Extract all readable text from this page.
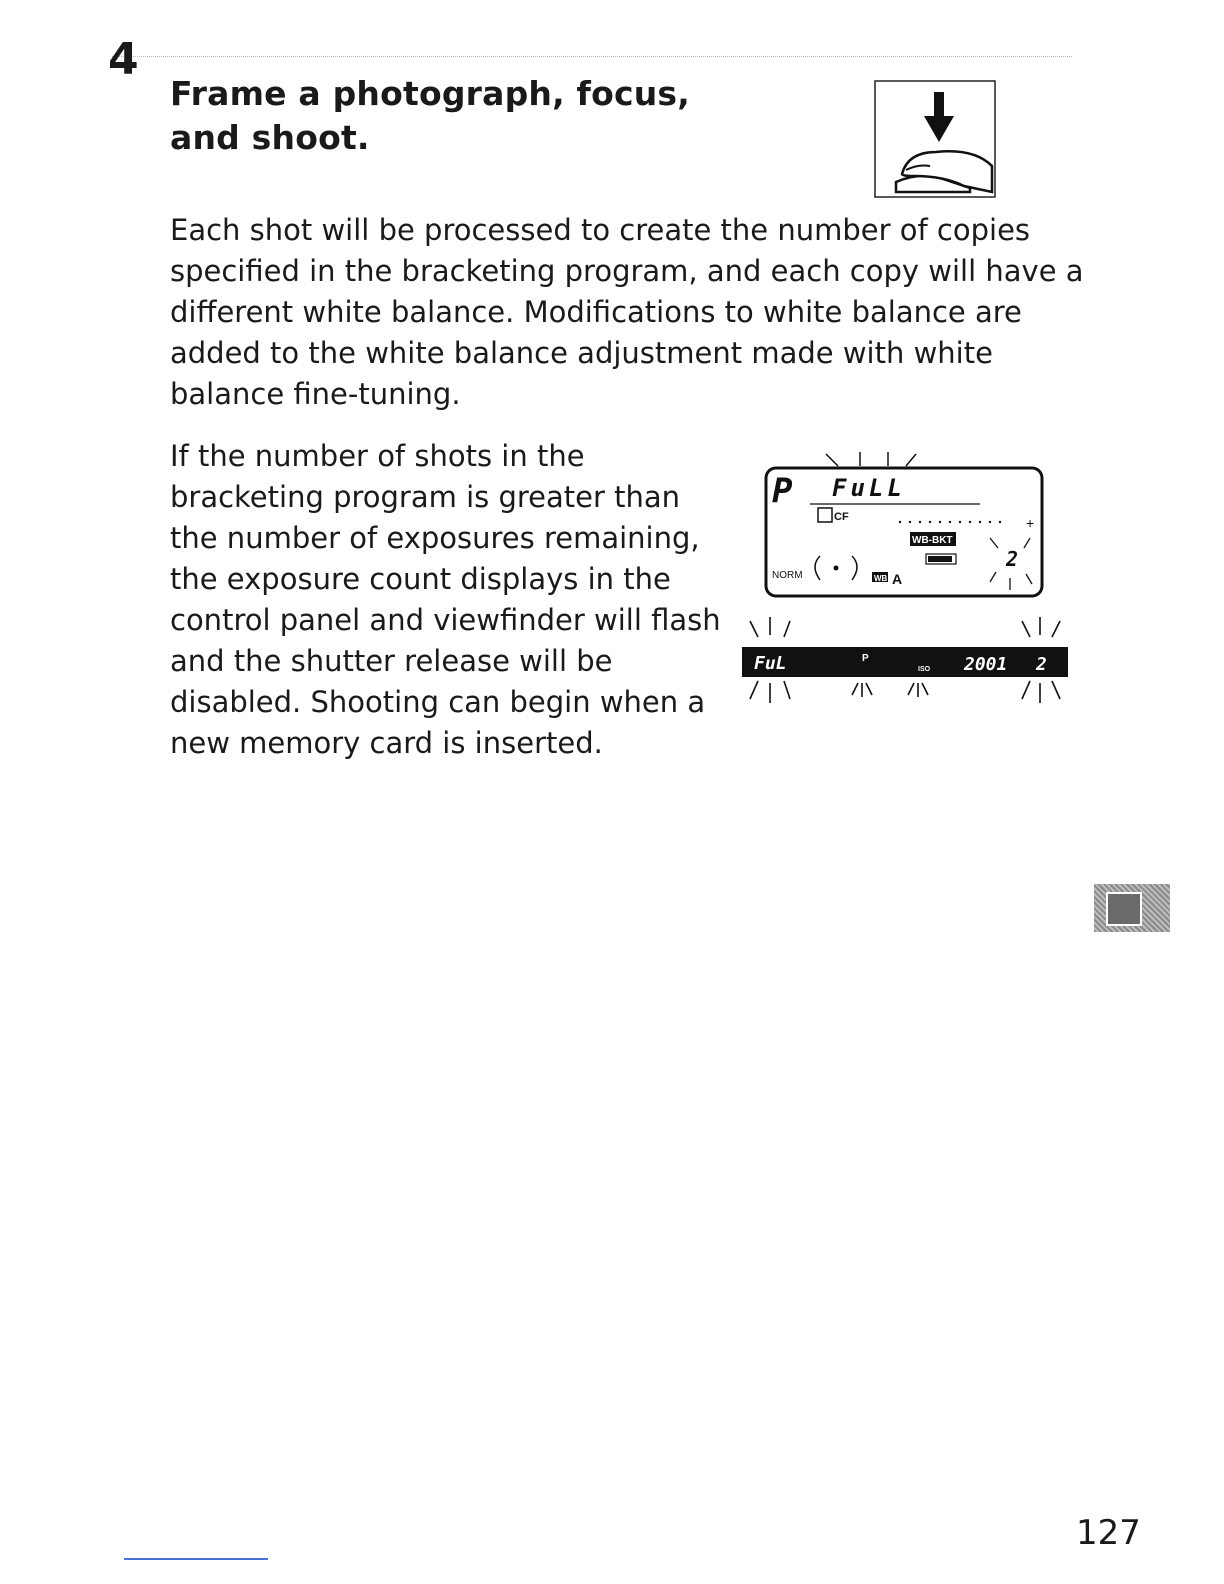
4
Frame a photograph, focus, and shoot.

Each shot will be processed to create the number of copies specified in the bracketing program, and each copy will have a different white balance. Modifications to white balance are added to the white balance adjustment made with white balance fine-tuning.

If the number of shots in the bracketing program is greater than the number of exposures remaining, the exposure count displays in the control panel and viewfinder will flash and the shutter release will be disabled. Shooting can begin when a new memory card is inserted.

P FuLL
CF	+
WB-BKT
NORM	WB A
2
FuL	P
ISO 2001 2
127
